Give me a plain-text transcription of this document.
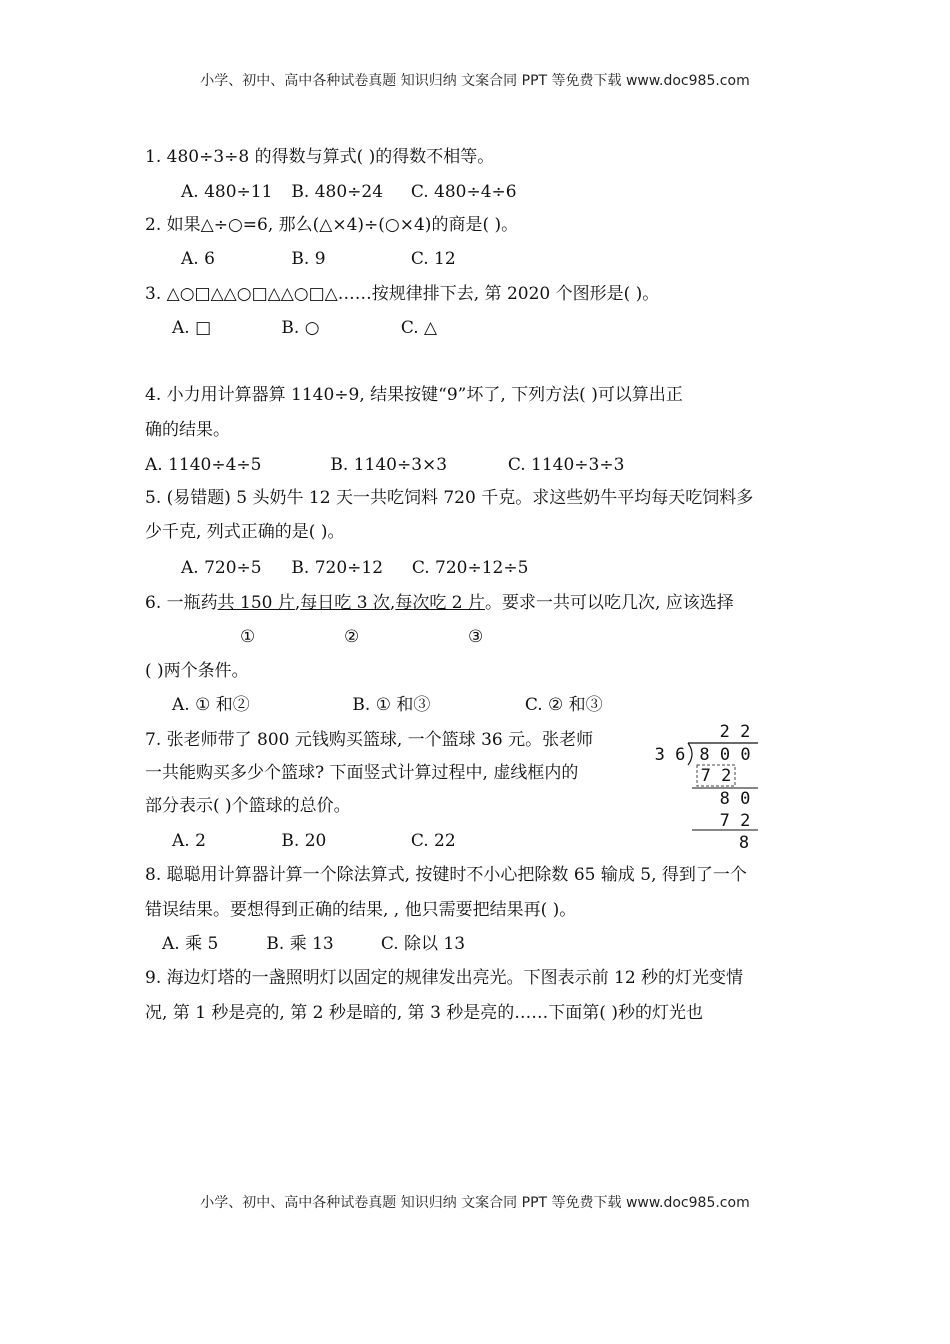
小学、初中、高中各种试卷真题 知识归纳 文案合同 PPT 等免费下载 www.doc985.com
1. 480÷3÷8 的得数与算式( )的得数不相等。
A. 480÷11 B. 480÷24 C. 480÷4÷6
2. 如果△÷○=6, 那么(△×4)÷(○×4)的商是( )。
A. 6	B. 9	C. 12
3. △○□△△○□△△○□△……按规律排下去, 第 2020 个图形是( )。
A. □	B. ○	C. △
4. 小力用计算器算 1140÷9, 结果按键“9”坏了, 下列方法( )可以算出正
确的结果。
A. 1140÷4÷5	B. 1140÷3×3	C. 1140÷3÷3
5. (易错题) 5 头奶牛 12 天一共吃饲料 720 千克。求这些奶牛平均每天吃饲料多
少千克, 列式正确的是( )。
A. 720÷5 B. 720÷12 C. 720÷12÷5
6. 一瓶药共 150 片,每日吃 3 次,每次吃 2 片。要求一共可以吃几次, 应该选择
①	②	③
( )两个条件。
A. ① 和②	B. ① 和③	C. ② 和③
7. 张老师带了 800 元钱购买篮球, 一个篮球 36 元。张老师
一共能购买多少个篮球? 下面竖式计算过程中, 虚线框内的
部分表示( )个篮球的总价。
A. 2	B. 20	C. 22
2 2
3 6 8 0 0
7 2
8 0
7 2
8
8. 聪聪用计算器计算一个除法算式, 按键时不小心把除数 65 输成 5, 得到了一个
错误结果。要想得到正确的结果, , 他只需要把结果再( )。
A. 乘 5	B. 乘 13	C. 除以 13
9. 海边灯塔的一盏照明灯以固定的规律发出亮光。下图表示前 12 秒的灯光变情
况, 第 1 秒是亮的, 第 2 秒是暗的, 第 3 秒是亮的……下面第( )秒的灯光也
小学、初中、高中各种试卷真题 知识归纳 文案合同 PPT 等免费下载 www.doc985.com
